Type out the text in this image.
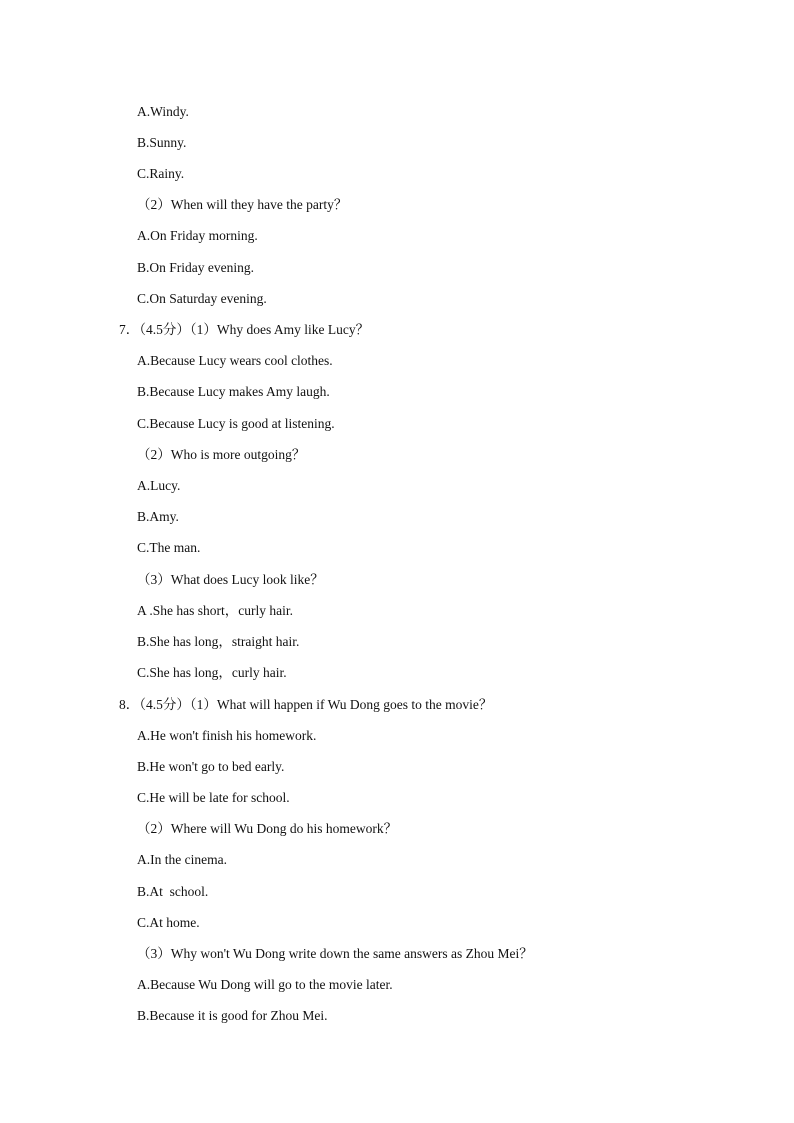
A.Windy.

B.Sunny.

C.Rainy.

（2）When will they have the party？

A.On Friday morning.

B.On Friday evening.

C.On Saturday evening.

7．（4.5分）（1）Why does Amy like Lucy？

A.Because Lucy wears cool clothes.

B.Because Lucy makes Amy laugh.

C.Because Lucy is good at listening.

（2）Who is more outgoing？

A.Lucy.

B.Amy.

C.The man.

（3）What does Lucy look like？

A .She has short，curly hair.

B.She has long，straight hair.

C.She has long，curly hair.

8．（4.5分）（1）What will happen if Wu Dong goes to the movie？

A.He won't finish his homework.

B.He won't go to bed early.

C.He will be late for school.

（2）Where will Wu Dong do his homework？

A.In the cinema.

B.At  school.

C.At home.

（3）Why won't Wu Dong write down the same answers as Zhou Mei？

A.Because Wu Dong will go to the movie later.

B.Because it is good for Zhou Mei.
